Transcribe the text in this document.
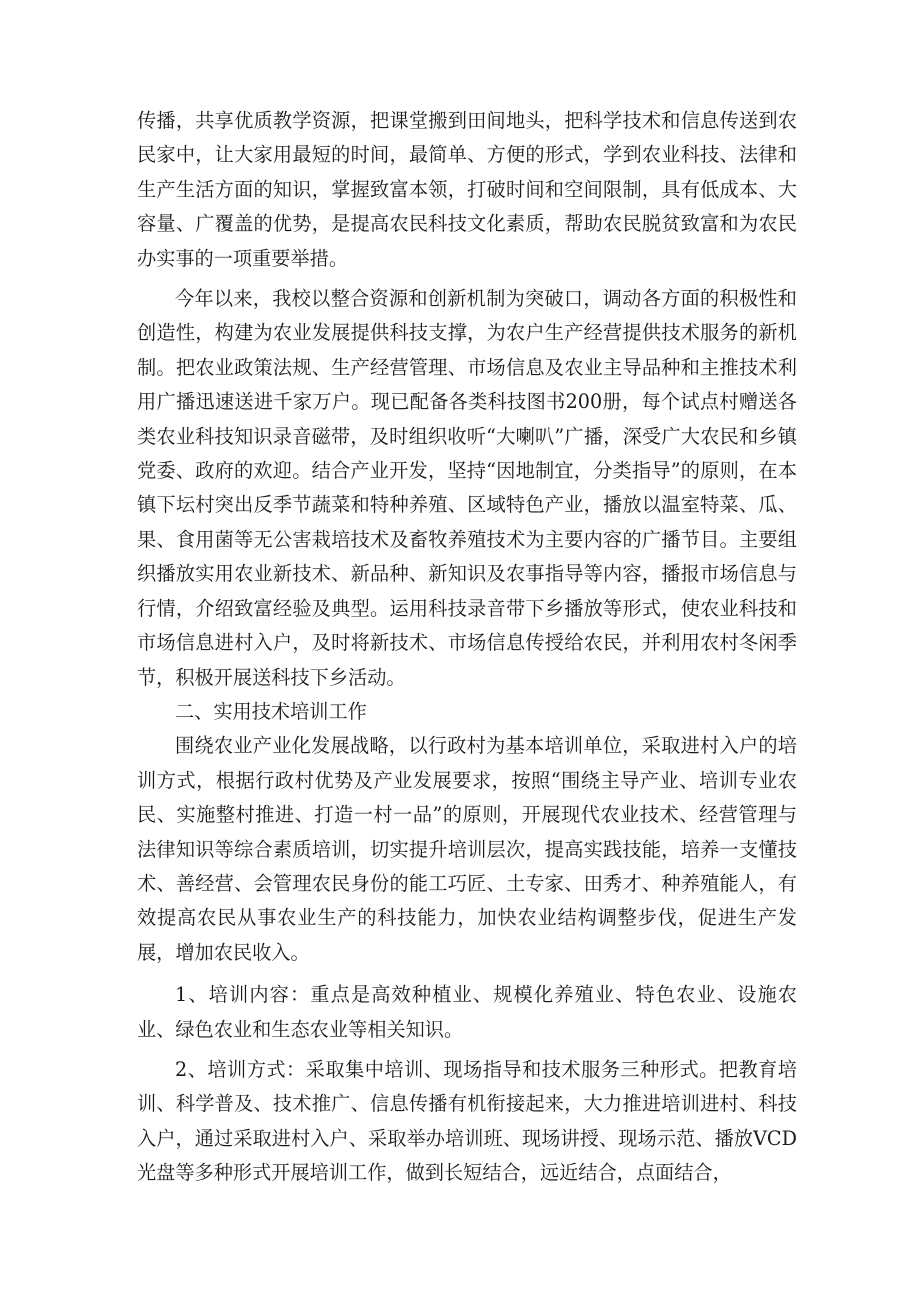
传播，共享优质教学资源，把课堂搬到田间地头，把科学技术和信息传送到农民家中，让大家用最短的时间，最简单、方便的形式，学到农业科技、法律和生产生活方面的知识，掌握致富本领，打破时间和空间限制，具有低成本、大容量、广覆盖的优势，是提高农民科技文化素质，帮助农民脱贫致富和为农民办实事的一项重要举措。

今年以来，我校以整合资源和创新机制为突破口，调动各方面的积极性和创造性，构建为农业发展提供科技支撑，为农户生产经营提供技术服务的新机制。把农业政策法规、生产经营管理、市场信息及农业主导品种和主推技术利用广播迅速送进千家万户。现已配备各类科技图书200册，每个试点村赠送各类农业科技知识录音磁带，及时组织收听“大喇叭”广播，深受广大农民和乡镇党委、政府的欢迎。结合产业开发，坚持“因地制宜，分类指导”的原则，在本镇下坛村突出反季节蔬菜和特种养殖、区域特色产业，播放以温室特菜、瓜、果、食用菌等无公害栽培技术及畜牧养殖技术为主要内容的广播节目。主要组织播放实用农业新技术、新品种、新知识及农事指导等内容，播报市场信息与行情，介绍致富经验及典型。运用科技录音带下乡播放等形式，使农业科技和市场信息进村入户，及时将新技术、市场信息传授给农民，并利用农村冬闲季节，积极开展送科技下乡活动。

二、实用技术培训工作

围绕农业产业化发展战略，以行政村为基本培训单位，采取进村入户的培训方式，根据行政村优势及产业发展要求，按照“围绕主导产业、培训专业农民、实施整村推进、打造一村一品”的原则，开展现代农业技术、经营管理与法律知识等综合素质培训，切实提升培训层次，提高实践技能，培养一支懂技术、善经营、会管理农民身份的能工巧匠、土专家、田秀才、种养殖能人，有效提高农民从事农业生产的科技能力，加快农业结构调整步伐，促进生产发展，增加农民收入。

1、培训内容：重点是高效种植业、规模化养殖业、特色农业、设施农业、绿色农业和生态农业等相关知识。

2、培训方式：采取集中培训、现场指导和技术服务三种形式。把教育培训、科学普及、技术推广、信息传播有机衔接起来，大力推进培训进村、科技入户，通过采取进村入户、采取举办培训班、现场讲授、现场示范、播放VCD光盘等多种形式开展培训工作，做到长短结合，远近结合，点面结合，
